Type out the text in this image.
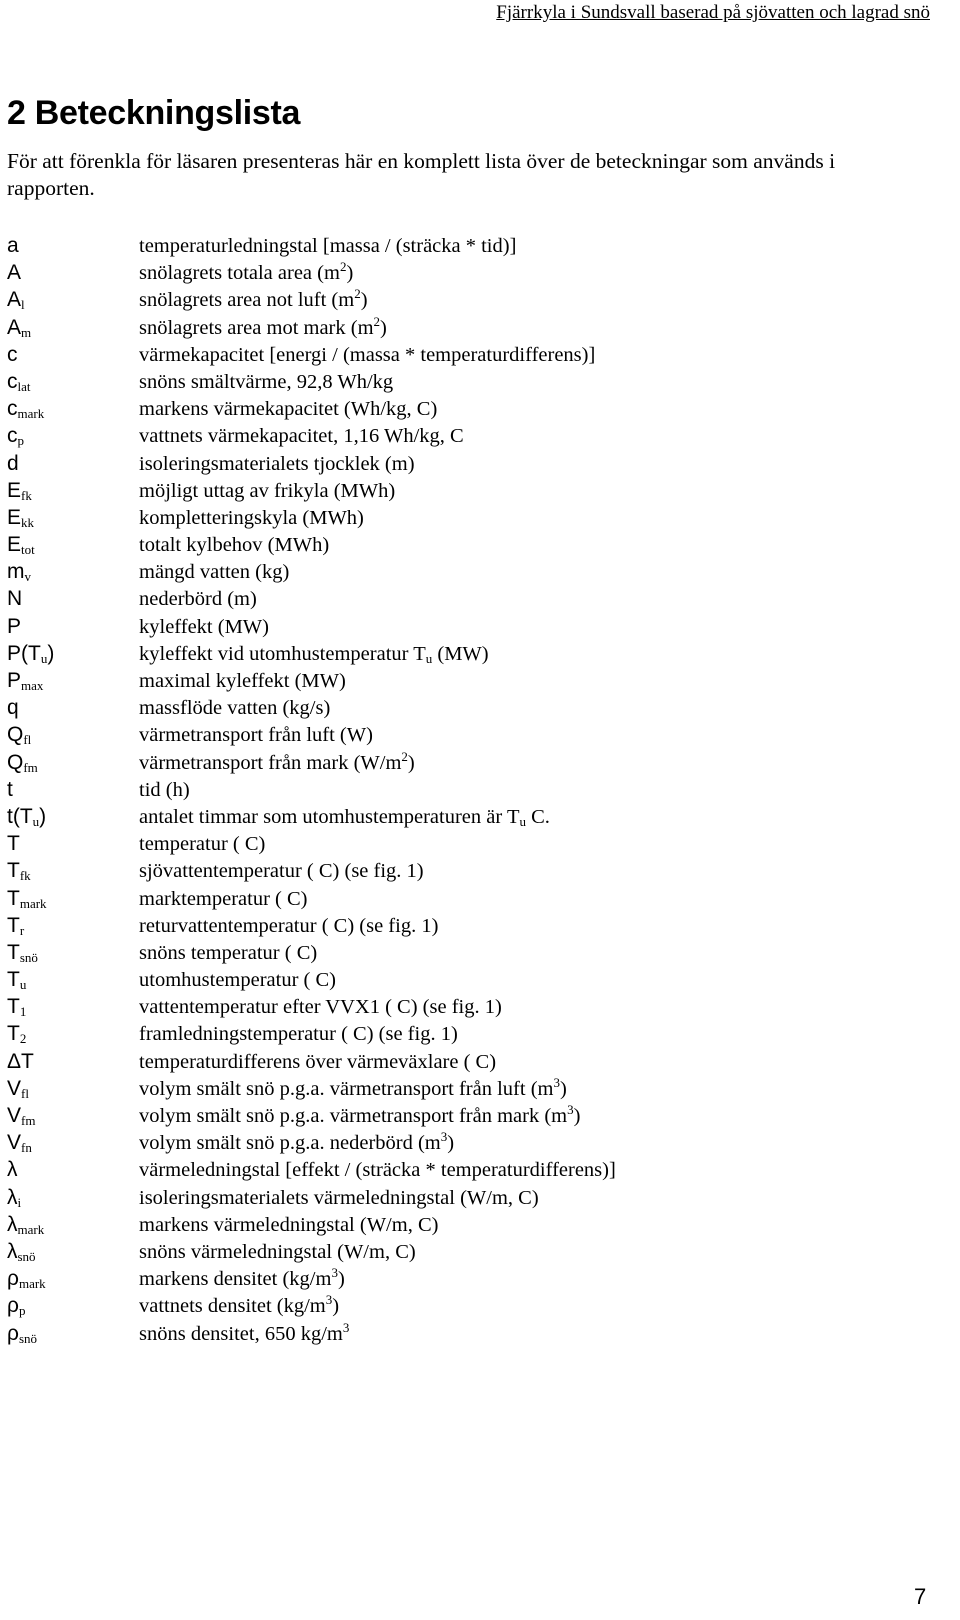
Fjärrkyla i Sundsvall baserad på sjövatten och lagrad snö
2 Beteckningslista

För att förenkla för läsaren presenteras här en komplett lista över de beteckningar som används i rapporten.

a	temperaturledningstal [massa / (sträcka * tid)]
A	snölagrets totala area $(m^2)$
$A_l$	snölagrets area not luft $(m^2)$
$A_m$	snölagrets area mot mark $(m^2)$
c	värmekapacitet [energi / (massa * temperaturdifferens)]
$c_{lat}$	snöns smältvärme, 92,8 Wh/kg
$c_{mark}$	markens värmekapacitet (Wh/kg, C)
$c_p$	vattnets värmekapacitet, 1,16 Wh/kg, C
d	isoleringsmaterialets tjocklek (m)
$E_{fk}$	möjligt uttag av frikyla (MWh)
$E_{kk}$	kompletteringskyla (MWh)
$E_{tot}$	totalt kylbehov (MWh)
$m_v$	mängd vatten (kg)
N	nederbörd (m)
P	kyleffekt (MW)
$P(T_u)$	kyleffekt vid utomhustemperatur $T_u$ (MW)
$P_{max}$	maximal kyleffekt (MW)
q	massflöde vatten (kg/s)
$Q_{fl}$	värmetransport från luft (W)
$Q_{fm}$	värmetransport från mark $(W/m^2)$
t	tid (h)
$t(T_u)$	antalet timmar som utomhustemperaturen är $T_u$ C.
T	temperatur ( C)
$T_{fk}$	sjövattentemperatur ( C) (se fig. 1)
$T_{mark}$	marktemperatur ( C)
$T_r$	returvattentemperatur ( C) (se fig. 1)
$T_{snö}$	snöns temperatur ( C)
$T_u$	utomhustemperatur ( C)
$T_1$	vattentemperatur efter VVX1 ( C) (se fig. 1)
$T_2$	framledningstemperatur ( C) (se fig. 1)
ΔT	temperaturdifferens över värmeväxlare ( C)
$V_{fl}$	volym smält snö p.g.a. värmetransport från luft $(m^3)$
$V_{fm}$	volym smält snö p.g.a. värmetransport från mark $(m^3)$
$V_{fn}$	volym smält snö p.g.a. nederbörd $(m^3)$
λ	värmeledningstal [effekt / (sträcka * temperaturdifferens)]
$\lambda_i$	isoleringsmaterialets värmeledningstal (W/m, C)
$\lambda_{mark}$	markens värmeledningstal (W/m, C)
$\lambda_{snö}$	snöns värmeledningstal (W/m, C)
$\rho_{mark}$	markens densitet $(kg/m^3)$
$\rho_p$	vattnets densitet $(kg/m^3)$
$\rho_{snö}$	snöns densitet, 650 $kg/m^3$
7
